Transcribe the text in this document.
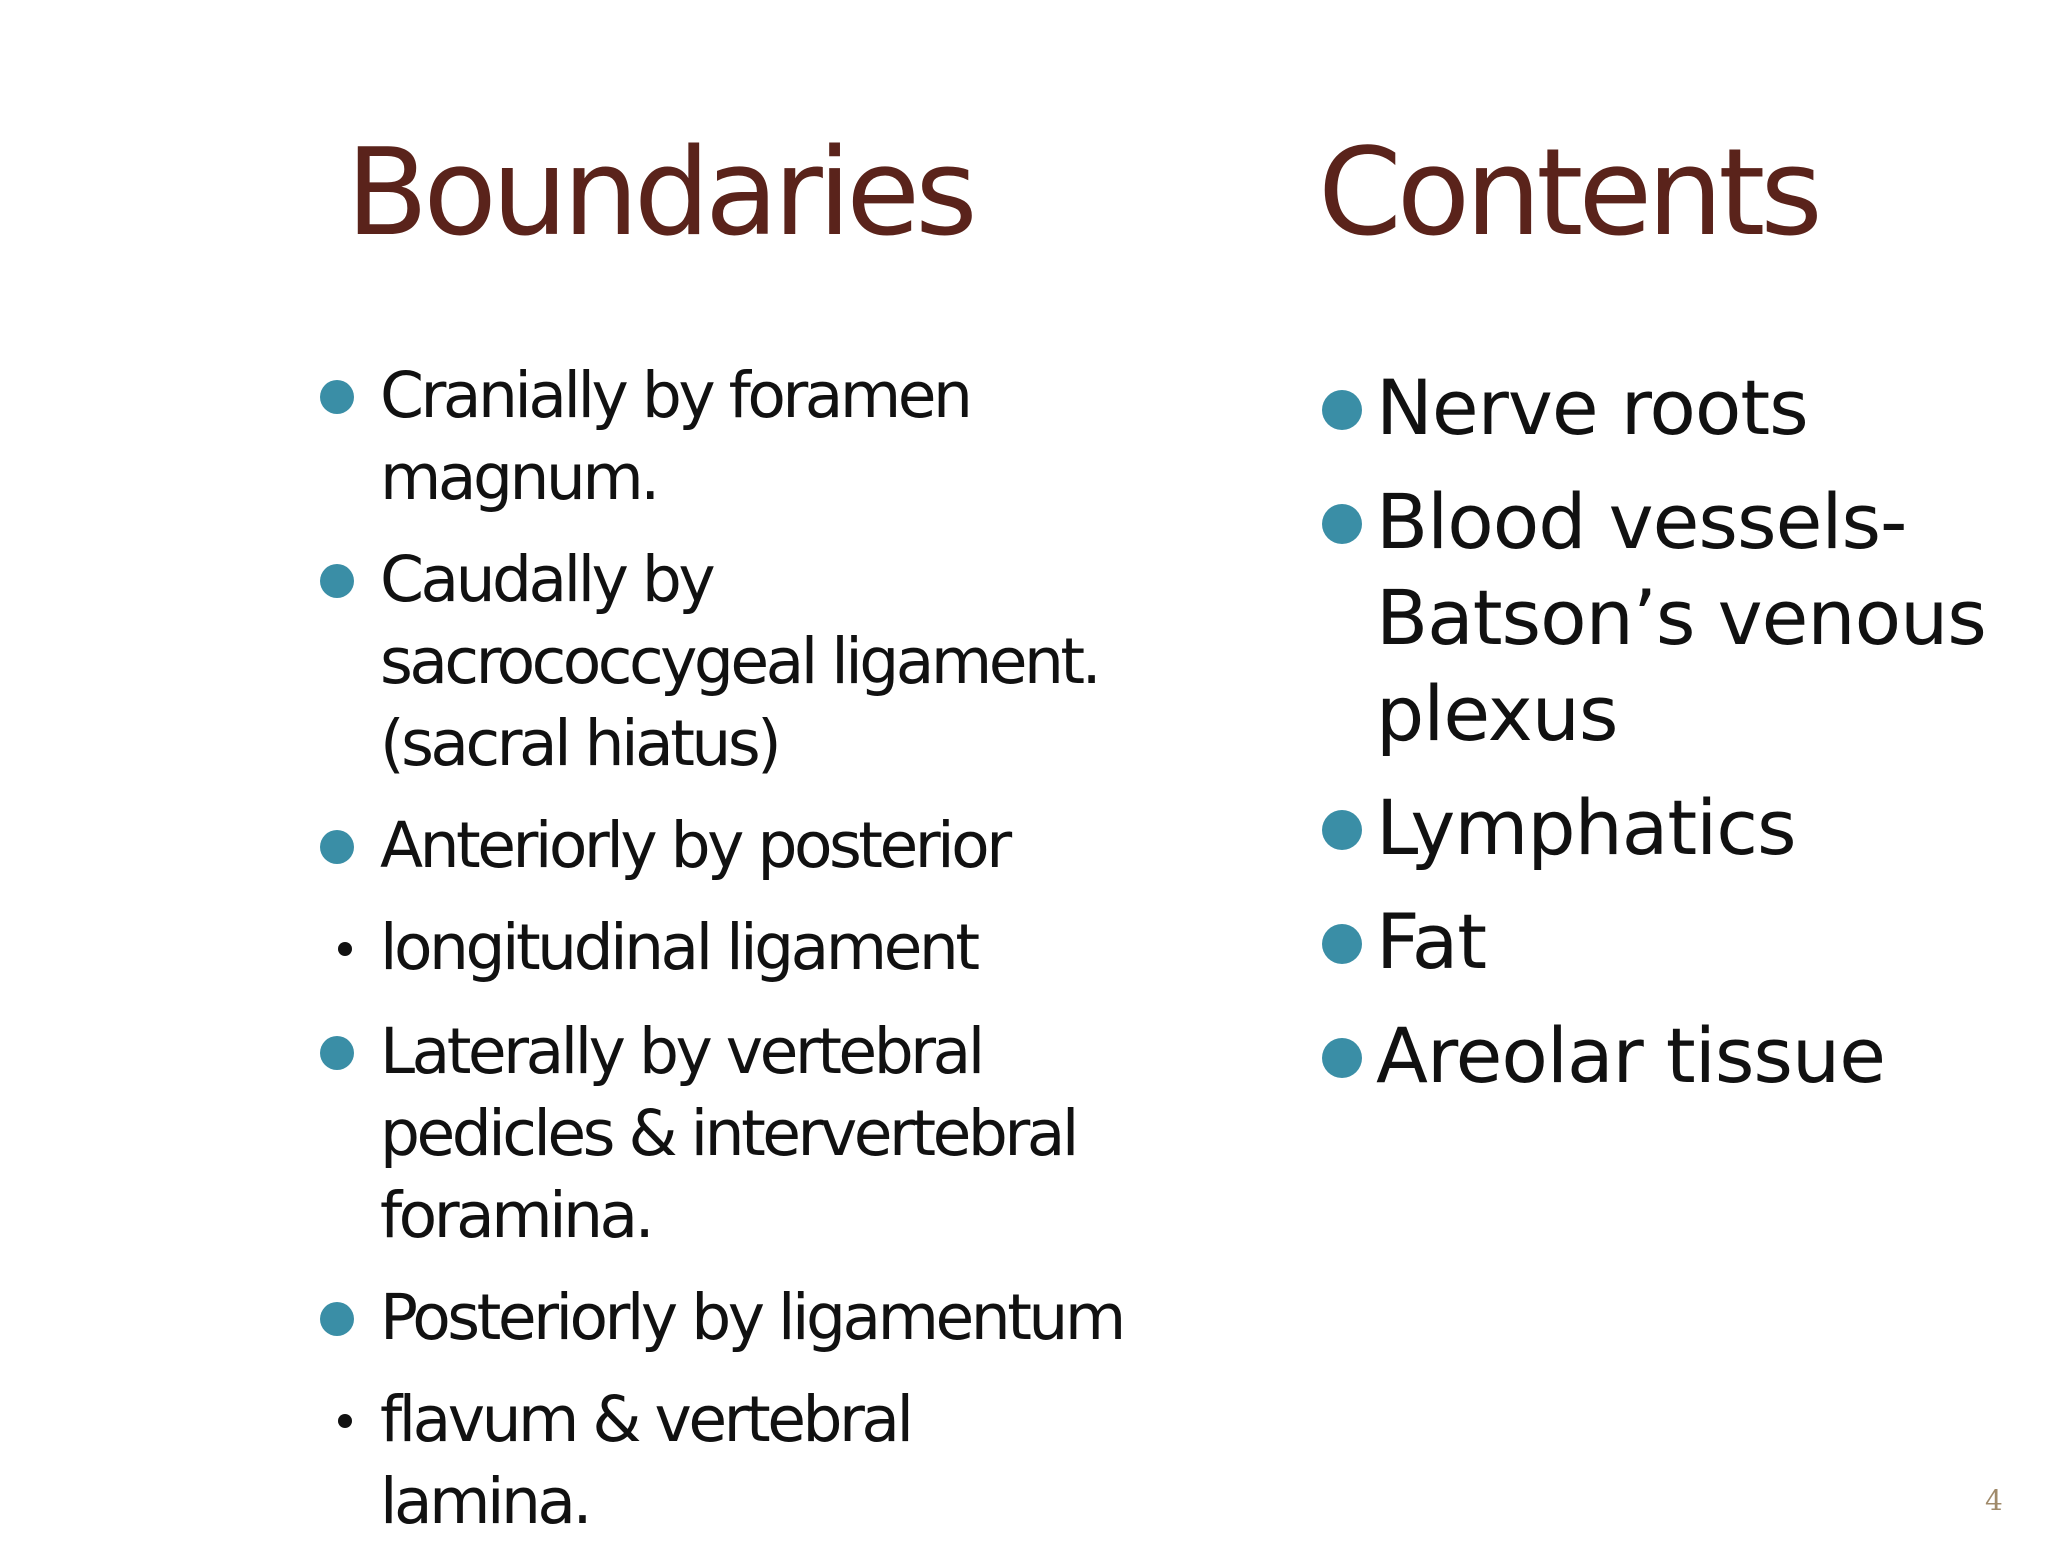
Boundaries	Contents
Cranially by foramen magnum.
Caudally by sacrococcygeal ligament. (sacral hiatus)
Anteriorly by posterior
longitudinal ligament
Laterally by vertebral pedicles & intervertebral foramina.
Posteriorly by ligamentum
flavum & vertebral lamina.
Nerve roots
Blood vessels- Batson’s venous plexus
Lymphatics
Fat
Areolar tissue
4
